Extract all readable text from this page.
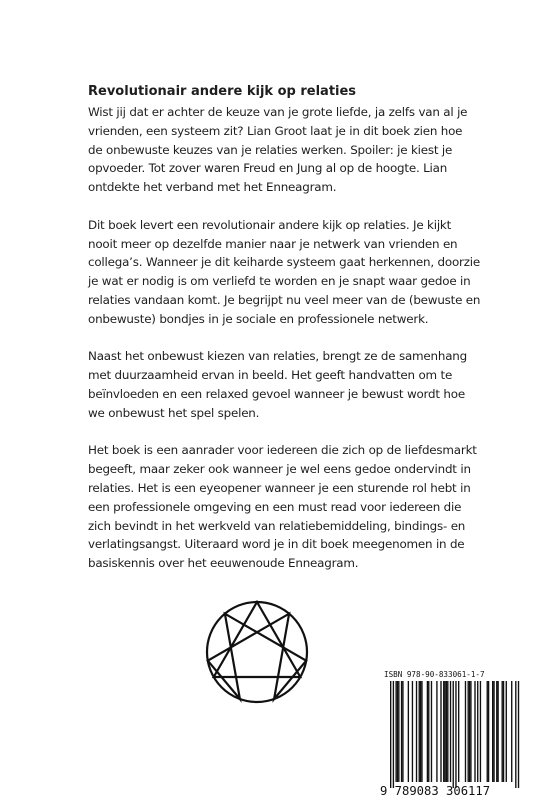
Revolutionair andere kijk op relaties

Wist jij dat er achter de keuze van je grote liefde, ja zelfs van al je
vrienden, een systeem zit? Lian Groot laat je in dit boek zien hoe
de onbewuste keuzes van je relaties werken. Spoiler: je kiest je
opvoeder. Tot zover waren Freud en Jung al op de hoogte. Lian
ontdekte het verband met het Enneagram.

Dit boek levert een revolutionair andere kijk op relaties. Je kijkt
nooit meer op dezelfde manier naar je netwerk van vrienden en
collega’s. Wanneer je dit keiharde systeem gaat herkennen, doorzie
je wat er nodig is om verliefd te worden en je snapt waar gedoe in
relaties vandaan komt. Je begrijpt nu veel meer van de (bewuste en
onbewuste) bondjes in je sociale en professionele netwerk.

Naast het onbewust kiezen van relaties, brengt ze de samenhang
met duurzaamheid ervan in beeld. Het geeft handvatten om te
beïnvloeden en een relaxed gevoel wanneer je bewust wordt hoe
we onbewust het spel spelen.

Het boek is een aanrader voor iedereen die zich op de liefdesmarkt
begeeft, maar zeker ook wanneer je wel eens gedoe ondervindt in
relaties. Het is een eyeopener wanneer je een sturende rol hebt in
een professionele omgeving en een must read voor iedereen die
zich bevindt in het werkveld van relatiebemiddeling, bindings- en
verlatingsangst. Uiteraard word je in dit boek meegenomen in de
basiskennis over het eeuwenoude Enneagram.

ISBN 978-90-833061-1-7
9 789083 306117
